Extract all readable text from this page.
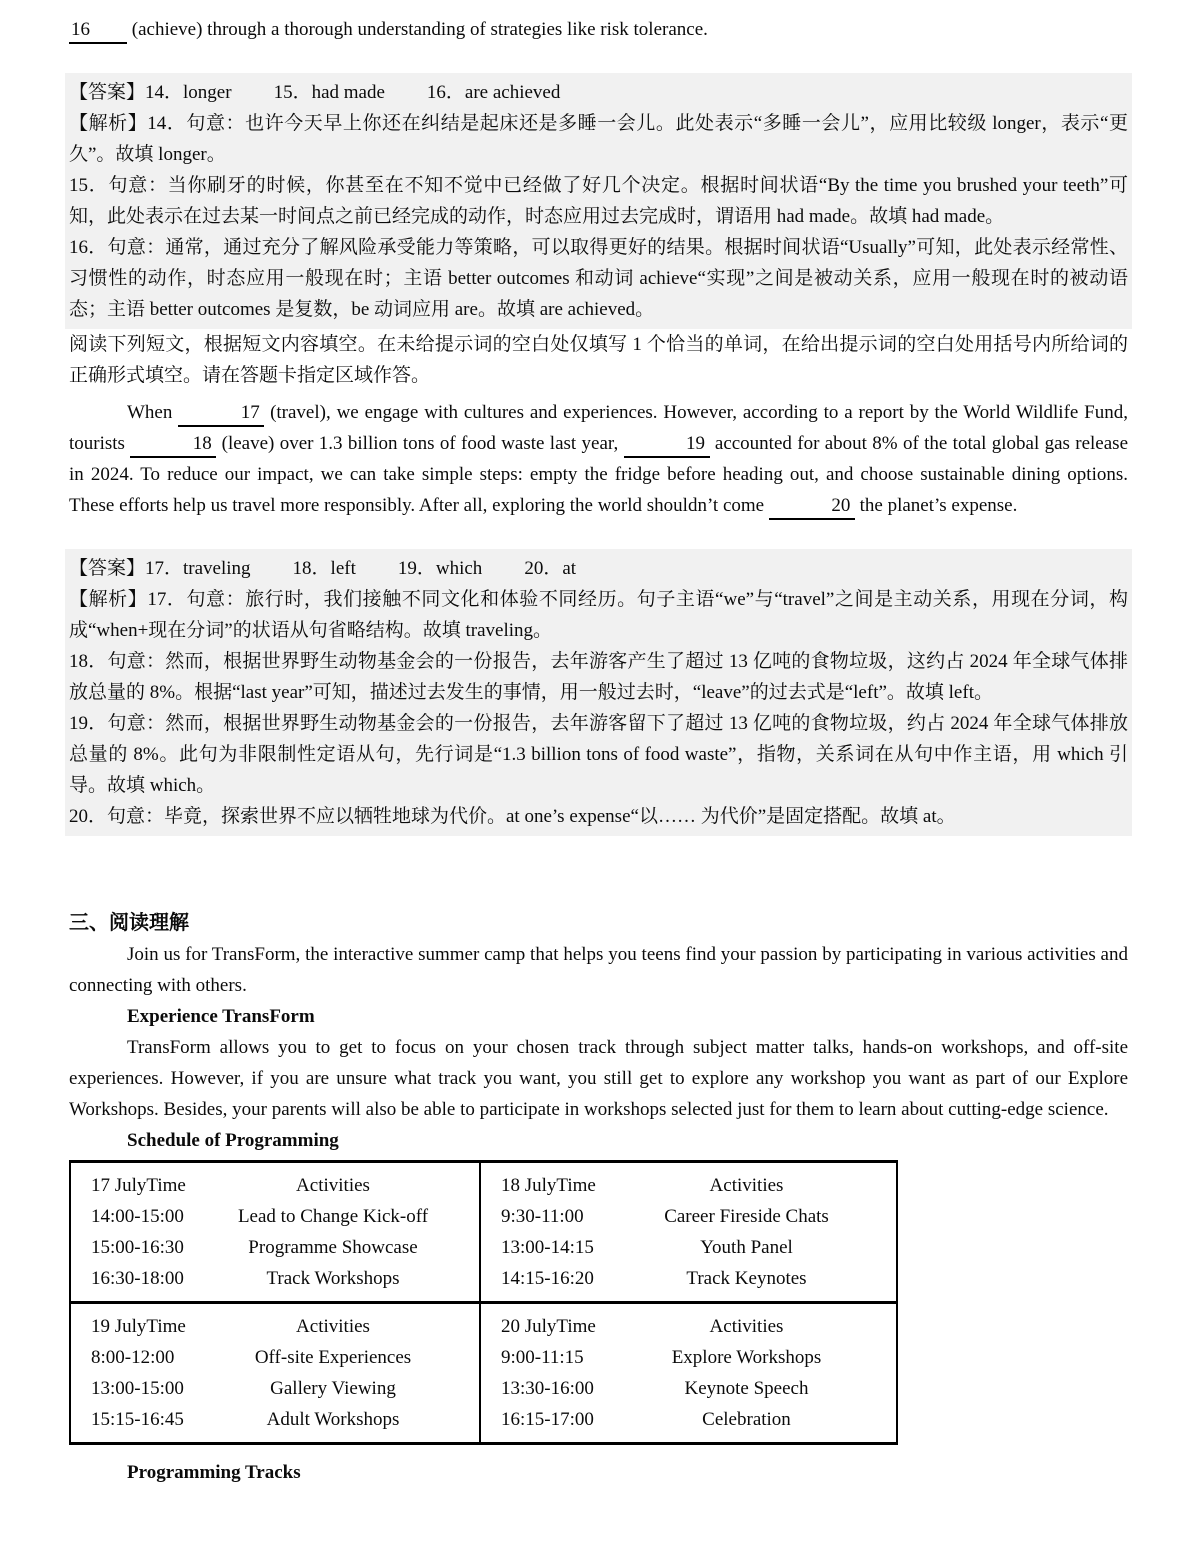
16 (achieve) through a thorough understanding of strategies like risk tolerance.
【答案】14．longer 15．had made 16．are achieved
【解析】14．句意：也许今天早上你还在纠结是起床还是多睡一会儿。此处表示“多睡一会儿”，应用比较级 longer，表示“更久”。故填 longer。
15．句意：当你刷牙的时候，你甚至在不知不觉中已经做了好几个决定。根据时间状语“By the time you brushed your teeth”可知，此处表示在过去某一时间点之前已经完成的动作，时态应用过去完成时，谓语用 had made。故填 had made。
16．句意：通常，通过充分了解风险承受能力等策略，可以取得更好的结果。根据时间状语“Usually”可知，此处表示经常性、习惯性的动作，时态应用一般现在时；主语 better outcomes 和动词 achieve“实现”之间是被动关系，应用一般现在时的被动语态；主语 better outcomes 是复数，be 动词应用 are。故填 are achieved。
阅读下列短文，根据短文内容填空。在未给提示词的空白处仅填写 1 个恰当的单词，在给出提示词的空白处用括号内所给词的正确形式填空。请在答题卡指定区域作答。
When	17 (travel), we engage with cultures and experiences. However, according to a report by the World Wildlife Fund, tourists	18 (leave) over 1.3 billion tons of food waste last year,	19 accounted for about 8% of the total global gas release in 2024. To reduce our impact, we can take simple steps: empty the fridge before heading out, and choose sustainable dining options. These efforts help us travel more responsibly. After all, exploring the world shouldn’t come	20 the planet’s expense.
【答案】17．traveling 18．left 19．which 20．at
【解析】17．句意：旅行时，我们接触不同文化和体验不同经历。句子主语“we”与“travel”之间是主动关系，用现在分词，构成“when+现在分词”的状语从句省略结构。故填 traveling。
18．句意：然而，根据世界野生动物基金会的一份报告，去年游客产生了超过 13 亿吨的食物垃圾，这约占 2024 年全球气体排放总量的 8%。根据“last year”可知，描述过去发生的事情，用一般过去时，“leave”的过去式是“left”。故填 left。
19．句意：然而，根据世界野生动物基金会的一份报告，去年游客留下了超过 13 亿吨的食物垃圾，约占 2024 年全球气体排放总量的 8%。此句为非限制性定语从句，先行词是“1.3 billion tons of food waste”，指物，关系词在从句中作主语，用 which 引导。故填 which。
20．句意：毕竟，探索世界不应以牺牲地球为代价。at one’s expense“以…… 为代价”是固定搭配。故填 at。
三、阅读理解
Join us for TransForm, the interactive summer camp that helps you teens find your passion by participating in various activities and connecting with others.
Experience TransForm
TransForm allows you to get to focus on your chosen track through subject matter talks, hands-on workshops, and off-site experiences. However, if you are unsure what track you want, you still get to explore any workshop you want as part of our Explore Workshops. Besides, your parents will also be able to participate in workshops selected just for them to learn about cutting-edge science.
Schedule of Programming
17 JulyTime	Activities
14:00-15:00	Lead to Change Kick-off
15:00-16:30	Programme Showcase
16:30-18:00	Track Workshops

18 JulyTime	Activities
9:30-11:00	Career Fireside Chats
13:00-14:15	Youth Panel
14:15-16:20	Track Keynotes

19 JulyTime	Activities
8:00-12:00	Off-site Experiences
13:00-15:00	Gallery Viewing
15:15-16:45	Adult Workshops

20 JulyTime	Activities
9:00-11:15	Explore Workshops
13:30-16:00	Keynote Speech
16:15-17:00	Celebration
Programming Tracks
